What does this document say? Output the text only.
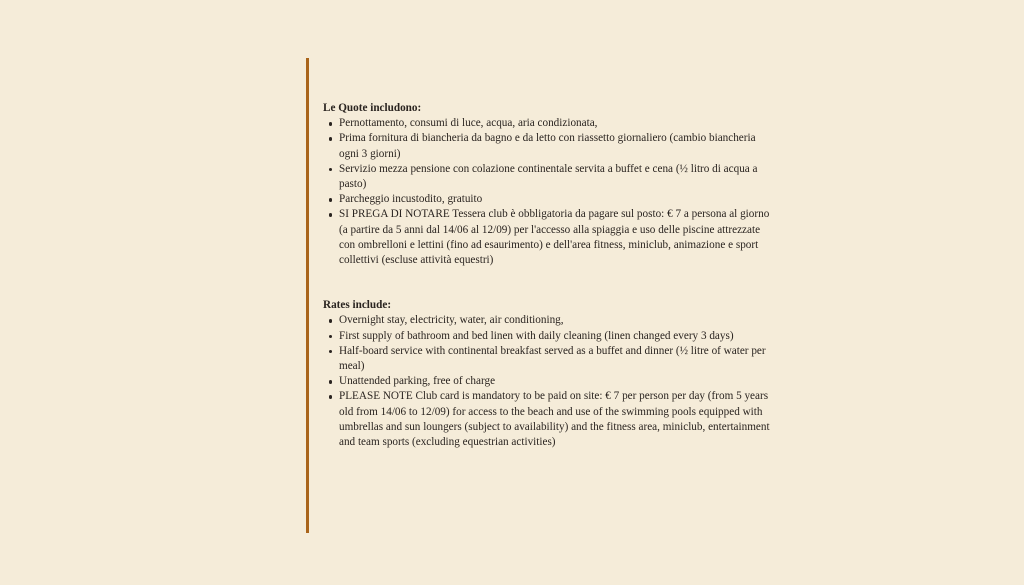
Le Quote includono:

Pernottamento, consumi di luce, acqua, aria condizionata,
Prima fornitura di biancheria da bagno e da letto con riassetto giornaliero (cambio biancheria ogni 3 giorni)
Servizio mezza pensione con colazione continentale servita a buffet e cena (½ litro di acqua a pasto)
Parcheggio incustodito, gratuito
SI PREGA DI NOTARE Tessera club è obbligatoria da pagare sul posto: € 7 a persona al giorno (a partire da 5 anni dal 14/06 al 12/09) per l'accesso alla spiaggia e uso delle piscine attrezzate con ombrelloni e lettini (fino ad esaurimento) e dell'area fitness, miniclub, animazione e sport collettivi (escluse attività equestri)

Rates include:

Overnight stay, electricity, water, air conditioning,
First supply of bathroom and bed linen with daily cleaning (linen changed every 3 days)
Half-board service with continental breakfast served as a buffet and dinner (½ litre of water per meal)
Unattended parking, free of charge
PLEASE NOTE Club card is mandatory to be paid on site: € 7 per person per day (from 5 years old from 14/06 to 12/09) for access to the beach and use of the swimming pools equipped with umbrellas and sun loungers (subject to availability) and the fitness area, miniclub, entertainment and team sports (excluding equestrian activities)
